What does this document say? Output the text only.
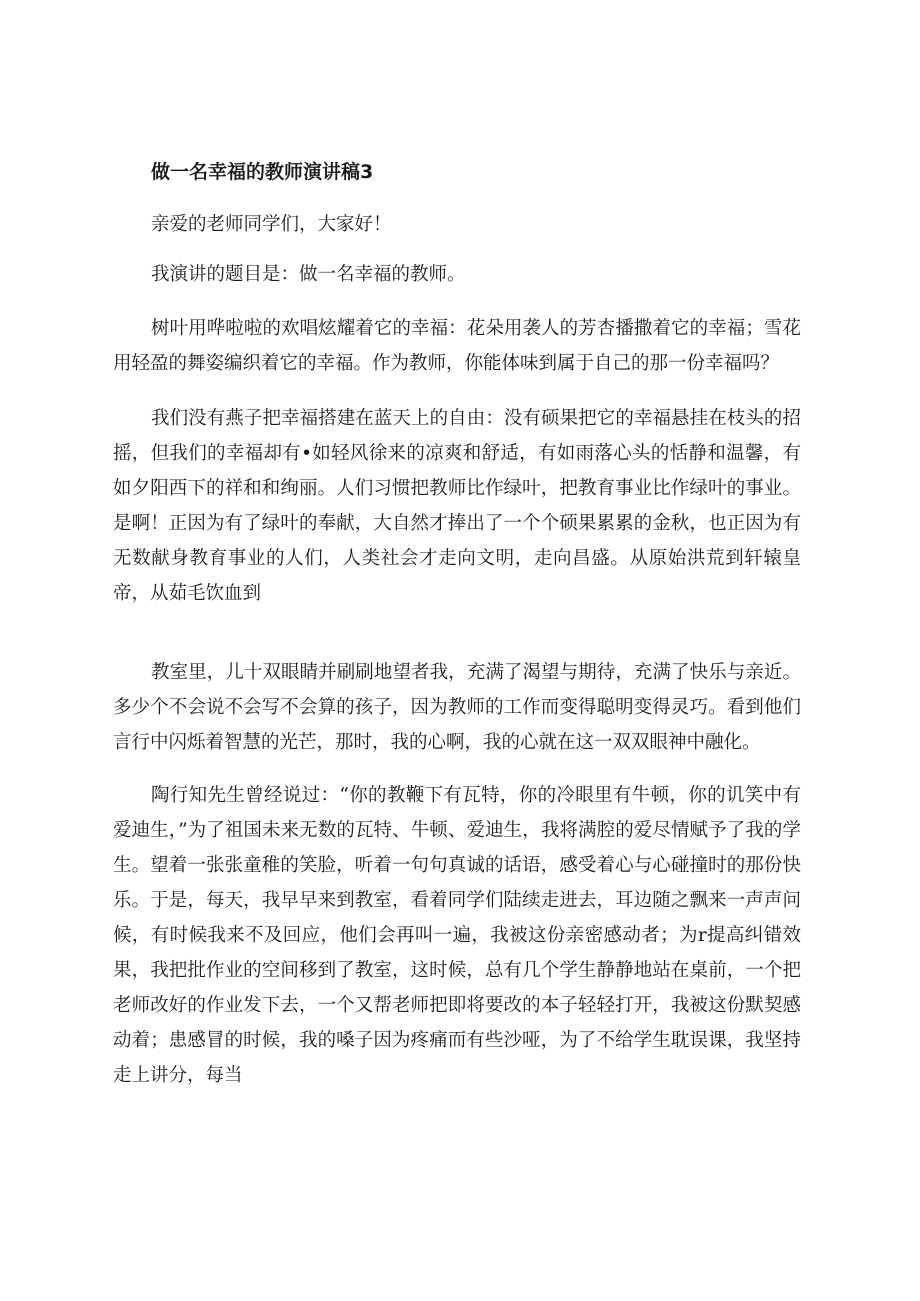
做一名幸福的教师演讲稿3

亲爱的老师同学们，大家好！

我演讲的题目是：做一名幸福的教师。

树叶用哗啦啦的欢唱炫耀着它的幸福：花朵用袭人的芳杏播撒着它的幸福；雪花用轻盈的舞姿编织着它的幸福。作为教师，你能体味到属于自己的那一份幸福吗？

我们没有燕子把幸福搭建在蓝天上的自由：没有硕果把它的幸福悬挂在枝头的招摇，但我们的幸福却有•如轻风徐来的凉爽和舒适，有如雨落心头的恬静和温馨，有如夕阳西下的祥和和绚丽。人们习惯把教师比作绿叶，把教育事业比作绿叶的事业。是啊！正因为有了绿叶的奉献，大自然才捧出了一个个硕果累累的金秋，也正因为有无数献身教育事业的人们，人类社会才走向文明，走向昌盛。从原始洪荒到轩辕皇帝，从茹毛饮血到

教室里，儿十双眼睛并刷刷地望者我，充满了渴望与期待，充满了快乐与亲近。多少个不会说不会写不会算的孩子，因为教师的工作而变得聪明变得灵巧。看到他们言行中闪烁着智慧的光芒，那时，我的心啊，我的心就在这一双双眼神中融化。

陶行知先生曾经说过：“你的教鞭下有瓦特，你的冷眼里有牛顿，你的讥笑中有爱迪生，”为了祖国未来无数的瓦特、牛顿、爱迪生，我将满腔的爱尽情赋予了我的学生。望着一张张童稚的笑脸，听着一句句真诚的话语，感受着心与心碰撞时的那份快乐。于是，每天，我早早来到教室，看着同学们陆续走进去，耳边随之飘来一声声问候，有时候我来不及回应，他们会再叫一遍，我被这份亲密感动者；为r提高纠错效果，我把批作业的空间移到了教室，这时候，总有几个学生静静地站在桌前，一个把老师改好的作业发下去，一个又帮老师把即将要改的本子轻轻打开，我被这份默契感动着；患感冒的时候，我的嗓子因为疼痛而有些沙哑，为了不给学生耽误课，我坚持走上讲分，每当
